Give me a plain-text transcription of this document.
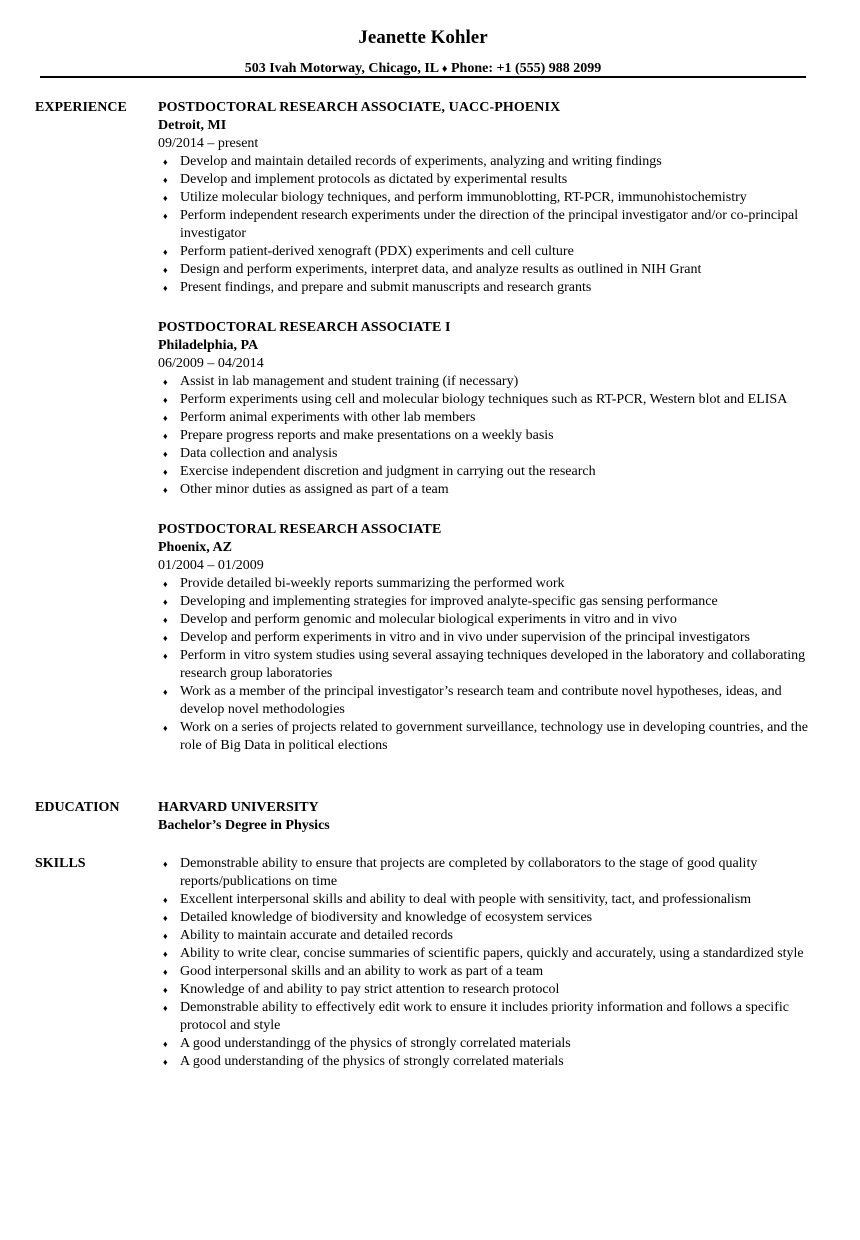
Jeanette Kohler
503 Ivah Motorway, Chicago, IL ♦ Phone: +1 (555) 988 2099
EXPERIENCE	POSTDOCTORAL RESEARCH ASSOCIATE, UACC-PHOENIX
Detroit, MI
09/2014 – present
♦ Develop and maintain detailed records of experiments, analyzing and writing findings
♦ Develop and implement protocols as dictated by experimental results
♦ Utilize molecular biology techniques, and perform immunoblotting, RT-PCR, immunohistochemistry
♦ Perform independent research experiments under the direction of the principal investigator and/or co-principal investigator
♦ Perform patient-derived xenograft (PDX) experiments and cell culture
♦ Design and perform experiments, interpret data, and analyze results as outlined in NIH Grant
♦ Present findings, and prepare and submit manuscripts and research grants
POSTDOCTORAL RESEARCH ASSOCIATE I
Philadelphia, PA
06/2009 – 04/2014
♦ Assist in lab management and student training (if necessary)
♦ Perform experiments using cell and molecular biology techniques such as RT-PCR, Western blot and ELISA
♦ Perform animal experiments with other lab members
♦ Prepare progress reports and make presentations on a weekly basis
♦ Data collection and analysis
♦ Exercise independent discretion and judgment in carrying out the research
♦ Other minor duties as assigned as part of a team
POSTDOCTORAL RESEARCH ASSOCIATE
Phoenix, AZ
01/2004 – 01/2009
♦ Provide detailed bi-weekly reports summarizing the performed work
♦ Developing and implementing strategies for improved analyte-specific gas sensing performance
♦ Develop and perform genomic and molecular biological experiments in vitro and in vivo
♦ Develop and perform experiments in vitro and in vivo under supervision of the principal investigators
♦ Perform in vitro system studies using several assaying techniques developed in the laboratory and collaborating research group laboratories
♦ Work as a member of the principal investigator’s research team and contribute novel hypotheses, ideas, and develop novel methodologies
♦ Work on a series of projects related to government surveillance, technology use in developing countries, and the role of Big Data in political elections
EDUCATION	HARVARD UNIVERSITY
Bachelor’s Degree in Physics
SKILLS	♦ Demonstrable ability to ensure that projects are completed by collaborators to the stage of good quality reports/publications on time
♦ Excellent interpersonal skills and ability to deal with people with sensitivity, tact, and professionalism
♦ Detailed knowledge of biodiversity and knowledge of ecosystem services
♦ Ability to maintain accurate and detailed records
♦ Ability to write clear, concise summaries of scientific papers, quickly and accurately, using a standardized style
♦ Good interpersonal skills and an ability to work as part of a team
♦ Knowledge of and ability to pay strict attention to research protocol
♦ Demonstrable ability to effectively edit work to ensure it includes priority information and follows a specific protocol and style
♦ A good understandingg of the physics of strongly correlated materials
♦ A good understanding of the physics of strongly correlated materials
